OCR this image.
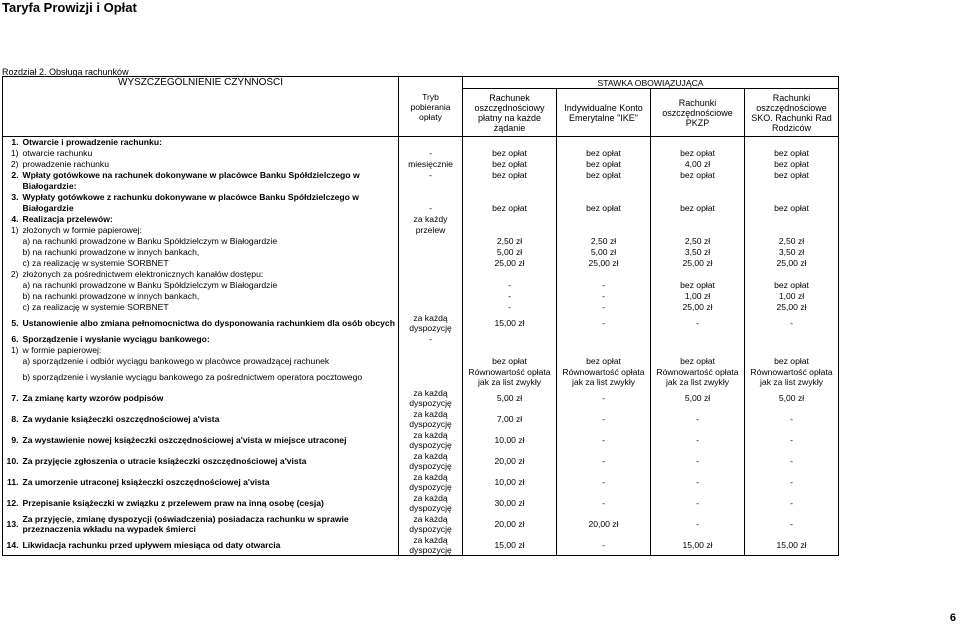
Taryfa Prowizji i Opłat
Rozdział 2. Obsługa rachunków
WYSZCZEGÓLNIENIE CZYNNOŚCI		Tryb pobierania opłaty	STAWKA OBOWIĄZUJĄCA			
			Rachunek oszczędnościowy płatny na każde żądanie	Indywidualne Konto Emerytalne "IKE"	Rachunki oszczędnościowe PKZP	Rachunki oszczędnościowe SKO. Rachunki Rad Rodziców
1.	Otwarcie i prowadzenie rachunku:					
1)	otwarcie rachunku	-	bez opłat	bez opłat	bez opłat	bez opłat
2)	prowadzenie rachunku	miesięcznie	bez opłat	bez opłat	4,00 zł	bez opłat
2.	Wpłaty gotówkowe na rachunek dokonywane w placówce Banku Spółdzielczego w	-	bez opłat	bez opłat	bez opłat	bez opłat
	Białogardzie:					
3.	Wypłaty gotówkowe z rachunku dokonywane w placówce Banku Spółdzielczego w					
	Białogardzie	-	bez opłat	bez opłat	bez opłat	bez opłat
4.	Realizacja przelewów:	za każdy				
1)	złożonych w formie papierowej:	przelew				
	a) na rachunki prowadzone w Banku Spółdzielczym w Białogardzie		2,50 zł	2,50 zł	2,50 zł	2,50 zł
	b) na rachunki prowadzone w innych bankach,		5,00 zł	5,00 zł	3,50 zł	3,50 zł
	c) za realizację w systemie SORBNET		25,00 zł	25,00 zł	25,00 zł	25,00 zł
2)	złożonych za pośrednictwem elektronicznych kanałów dostępu:					
	a) na rachunki prowadzone w Banku Spółdzielczym w Białogardzie		-	-	bez opłat	bez opłat
	b) na rachunki prowadzone w innych bankach,		-	-	1,00 zł	1,00 zł
	c) za realizację w systemie SORBNET		-	-	25,00 zł	25,00 zł
5.	Ustanowienie albo zmiana pełnomocnictwa do dysponowania rachunkiem dla osób obcych	za każdą dyspozycję	15,00 zł	-	-	-
6.	Sporządzenie i wysłanie wyciągu bankowego:	-				
1)	w formie papierowej:					
	a) sporządzenie i odbiór wyciągu bankowego w placówce prowadzącej rachunek		bez opłat	bez opłat	bez opłat	bez opłat
	b) sporządzenie i wysłanie wyciągu bankowego za pośrednictwem operatora pocztowego		Równowartość opłata jak za list zwykły	Równowartość opłata jak za list zwykły	Równowartość opłata jak za list zwykły	Równowartość opłata jak za list zwykły
7.	Za zmianę karty wzorów podpisów	za każdą dyspozycję	5,00 zł	-	5,00 zł	5,00 zł
8.	Za wydanie książeczki oszczędnościowej a'vista	za każdą dyspozycję	7,00 zł	-	-	-
9.	Za wystawienie nowej książeczki oszczędnościowej a'vista w miejsce utraconej	za każdą dyspozycję	10,00 zł	-	-	-
10.	Za przyjęcie zgłoszenia o utracie książeczki oszczędnościowej a'vista	za każdą dyspozycję	20,00 zł	-	-	-
11.	Za umorzenie utraconej książeczki oszczędnościowej a'vista	za każdą dyspozycję	10,00 zł	-	-	-
12.	Przepisanie książeczki w związku z przelewem praw na inną osobę (cesja)	za każdą dyspozycję	30,00 zł	-	-	-
13.	Za przyjęcie, zmianę dyspozycji (oświadczenia) posiadacza rachunku w sprawie przeznaczenia wkładu na wypadek śmierci	za każdą dyspozycję	20,00 zł	20,00 zł	-	-
14.	Likwidacja rachunku przed upływem miesiąca od daty otwarcia	za każdą dyspozycję	15,00 zł	-	15,00 zł	15,00 zł
6
